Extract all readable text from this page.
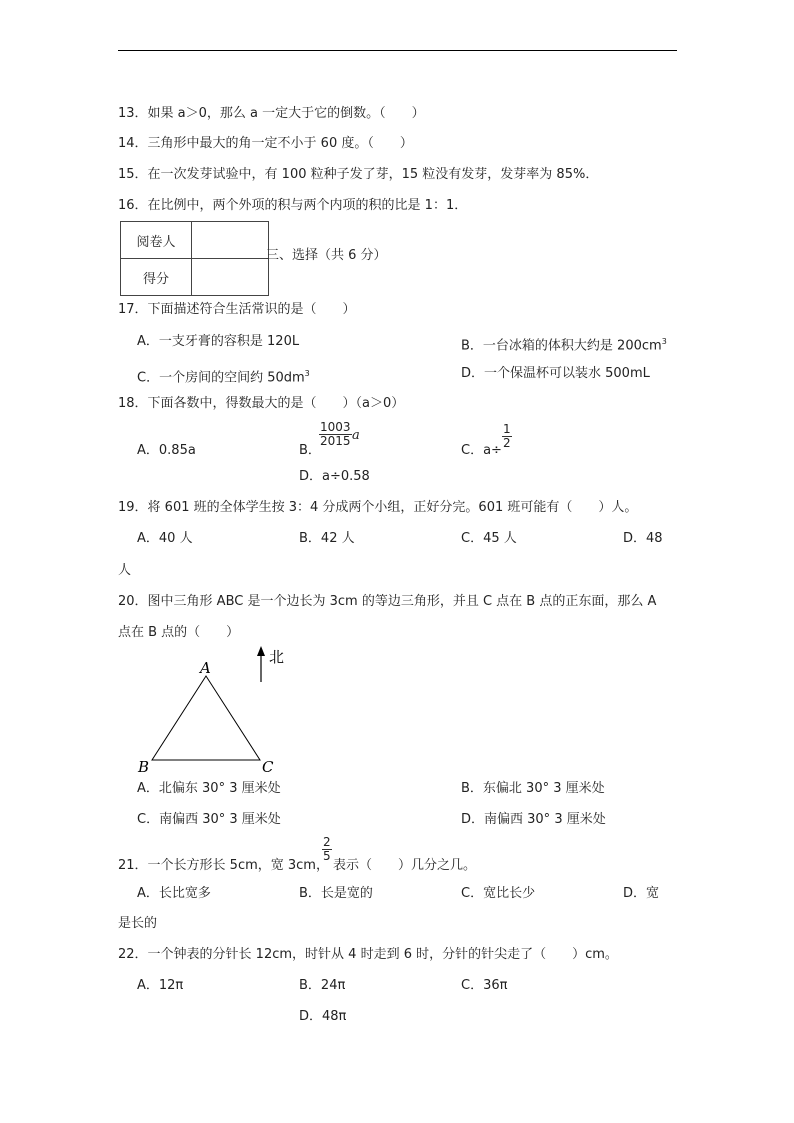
13．如果 a＞0，那么 a 一定大于它的倒数。（　　）
14．三角形中最大的角一定不小于 60 度。（　　）
15．在一次发芽试验中，有 100 粒种子发了芽，15 粒没有发芽，发芽率为 85%．
16．在比例中，两个外项的积与两个内项的积的比是 1：1．
阅卷人	
得分	
三、选择（共 6 分）
17．下面描述符合生活常识的是（　　）
A．一支牙膏的容积是 120L	B．一台冰箱的体积大约是 $200cm^3$
C．一个房间的空间约 $50dm^3$	D．一个保温杯可以装水 500mL
18．下面各数中，得数最大的是（　　）（a＞0）
A．0.85a	B．
$\frac{1003}{2015}$ a
C．a÷
$\frac{1}{2}$
D．a÷0.58
19．将 601 班的全体学生按 3：4 分成两个小组，正好分完。601 班可能有（　　）人。
A．40 人	B．42 人	C．45 人	D．48
人
20．图中三角形 ABC 是一个边长为 3cm 的等边三角形，并且 C 点在 B 点的正东面，那么 A
点在 B 点的（　　）
A
B	C
北
A．北偏东 30° 3 厘米处	B．东偏北 30° 3 厘米处
C．南偏西 30° 3 厘米处	D．南偏西 30° 3 厘米处
21．一个长方形长 5cm，宽 3cm，
$\frac{2}{5}$
表示（　　）几分之几。
A．长比宽多	B．长是宽的	C．宽比长少	D．宽
是长的
22．一个钟表的分针长 12cm，时针从 4 时走到 6 时，分针的针尖走了（　　）cm。
A．12π	B．24π	C．36π
D．48π
